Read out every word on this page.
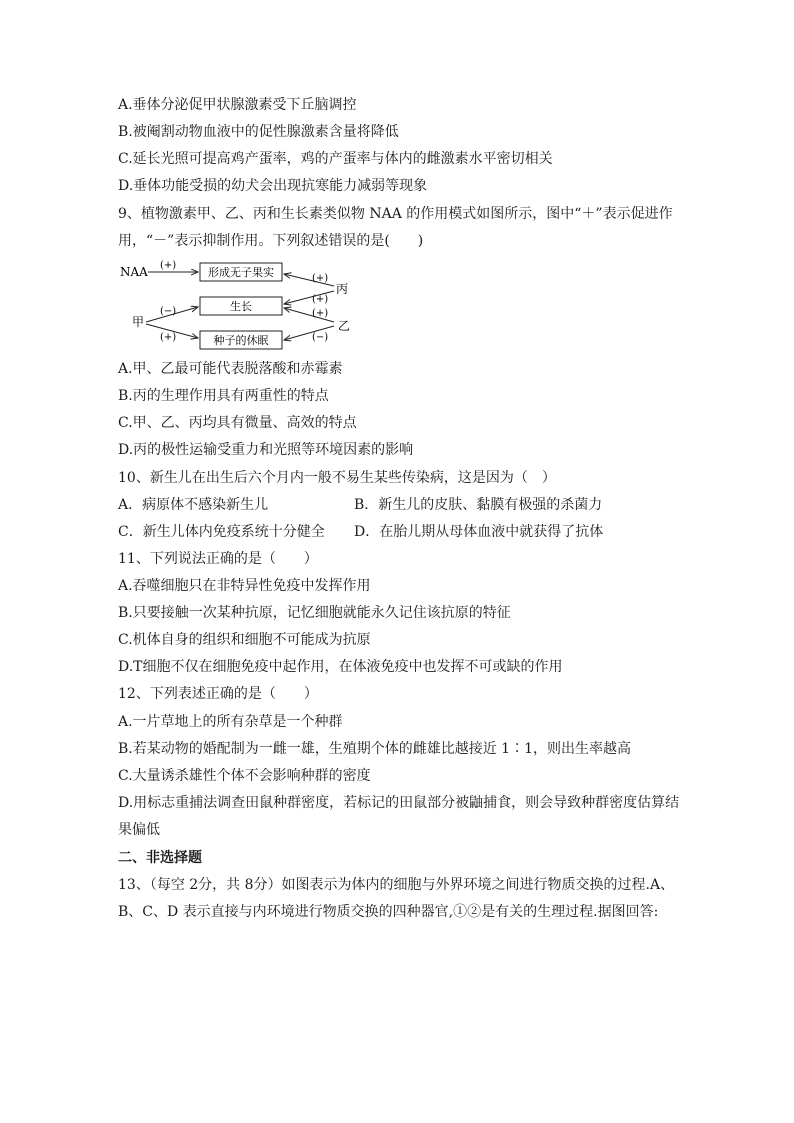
A.垂体分泌促甲状腺激素受下丘脑调控
B.被阉割动物血液中的促性腺激素含量将降低
C.延长光照可提高鸡产蛋率，鸡的产蛋率与体内的雌激素水平密切相关
D.垂体功能受损的幼犬会出现抗寒能力减弱等现象
9、植物激素甲、乙、丙和生长素类似物 NAA 的作用模式如图所示，图中“＋”表示促进作
用，“－”表示抑制作用。下列叙述错误的是(　　)
NAA (+)
形成无子果实
生长
种子的休眠
丙
(+)
(+)
甲
(−)
(+)
乙
(+)
(−)
A.甲、乙最可能代表脱落酸和赤霉素
B.丙的生理作用具有两重性的特点
C.甲、乙、丙均具有微量、高效的特点
D.丙的极性运输受重力和光照等环境因素的影响
10、新生儿在出生后六个月内一般不易生某些传染病，这是因为（　）
A．病原体不感染新生儿	B．新生儿的皮肤、黏膜有极强的杀菌力
C．新生儿体内免疫系统十分健全 D．在胎儿期从母体血液中就获得了抗体
11、下列说法正确的是（　　）
A.吞噬细胞只在非特异性免疫中发挥作用
B.只要接触一次某种抗原，记忆细胞就能永久记住该抗原的特征
C.机体自身的组织和细胞不可能成为抗原
D.T细胞不仅在细胞免疫中起作用，在体液免疫中也发挥不可或缺的作用
12、下列表述正确的是（　　）
A.一片草地上的所有杂草是一个种群
B.若某动物的婚配制为一雌一雄，生殖期个体的雌雄比越接近 1∶1，则出生率越高
C.大量诱杀雄性个体不会影响种群的密度
D.用标志重捕法调查田鼠种群密度，若标记的田鼠部分被鼬捕食，则会导致种群密度估算结
果偏低
二、非选择题
13、（每空 2分，共 8分）如图表示为体内的细胞与外界环境之间进行物质交换的过程.A、
B、C、D 表示直接与内环境进行物质交换的四种器官,①②是有关的生理过程.据图回答:
